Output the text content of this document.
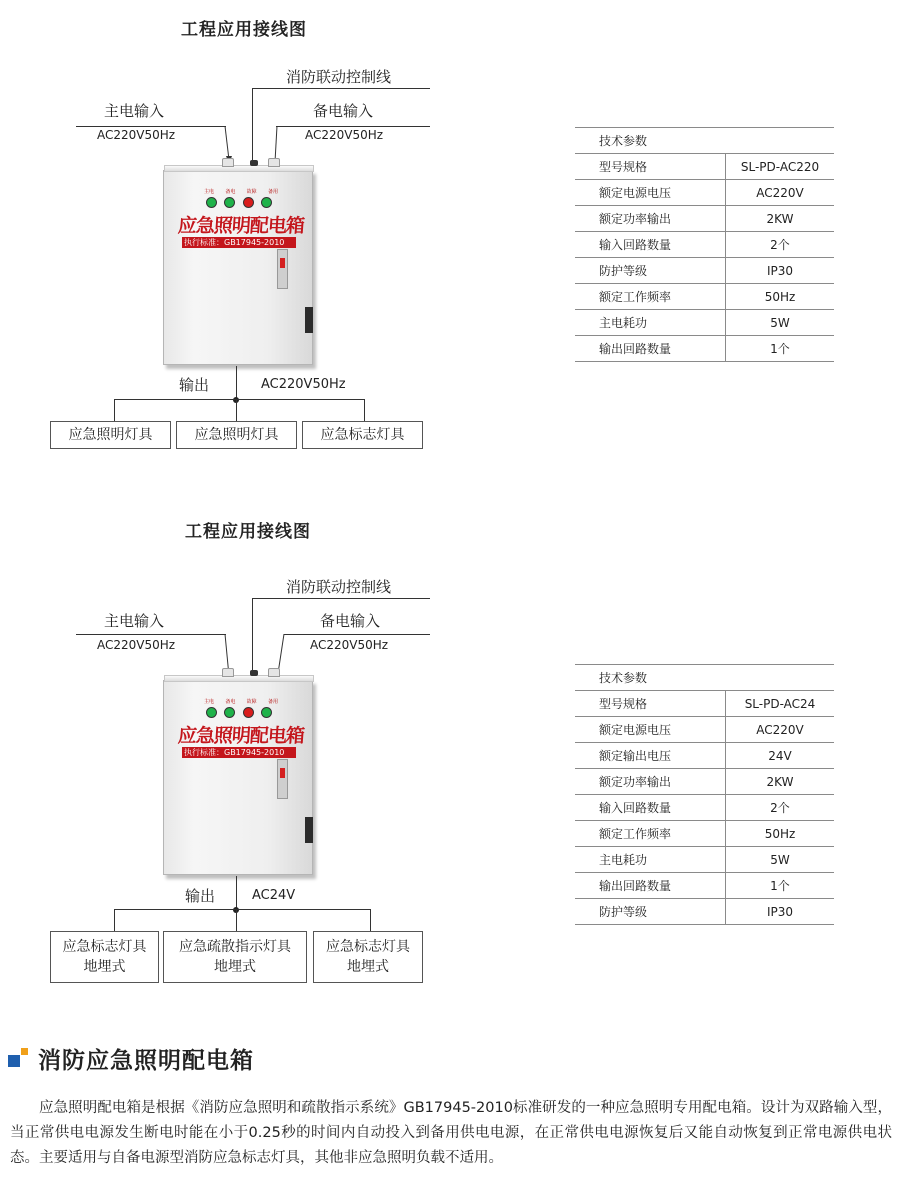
工程应用接线图
消防联动控制线
主电输入
AC220V50Hz
备电输入
AC220V50Hz
主电 备电 故障 备用
应急照明配电箱
执行标准：GB17945-2010
输出	AC220V50Hz
应急照明灯具	应急照明灯具	应急标志灯具
技术参数	
型号规格	SL-PD-AC220
额定电源电压	AC220V
额定功率输出	2KW
输入回路数量	2个
防护等级	IP30
额定工作频率	50Hz
主电耗功	5W
输出回路数量	1个
工程应用接线图
消防联动控制线
主电输入
AC220V50Hz
备电输入
AC220V50Hz
主电 备电 故障 备用
应急照明配电箱
执行标准：GB17945-2010
输出	AC24V
应急标志灯具
地埋式
应急疏散指示灯具
地埋式
应急标志灯具
地埋式
技术参数	
型号规格	SL-PD-AC24
额定电源电压	AC220V
额定输出电压	24V
额定功率输出	2KW
输入回路数量	2个
额定工作频率	50Hz
主电耗功	5W
输出回路数量	1个
防护等级	IP30
消防应急照明配电箱
应急照明配电箱是根据《消防应急照明和疏散指示系统》GB17945-2010标准研发的一种应急照明专用配电箱。设计为双路输入型，当正常供电电源发生断电时能在小于0.25秒的时间内自动投入到备用供电电源，在正常供电电源恢复后又能自动恢复到正常电源供电状态。主要适用与自备电源型消防应急标志灯具，其他非应急照明负载不适用。
